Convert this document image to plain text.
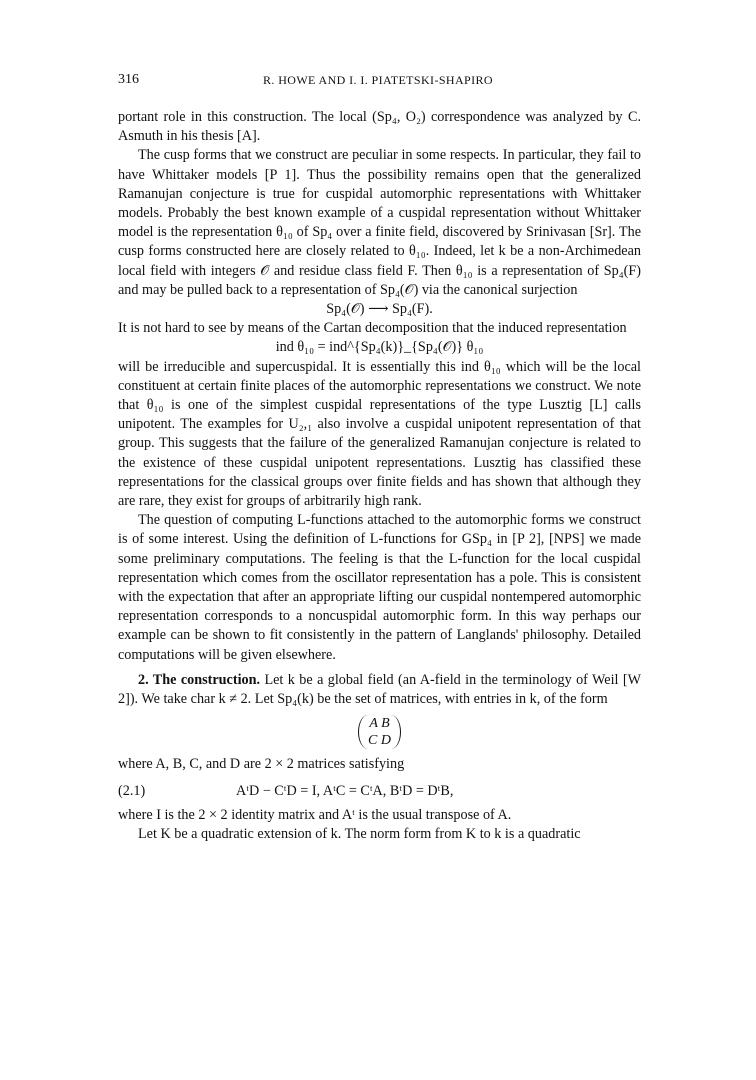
316	R. HOWE AND I. I. PIATETSKI-SHAPIRO

portant role in this construction. The local (Sp₄, O₂) correspondence was analyzed by C. Asmuth in his thesis [A].

The cusp forms that we construct are peculiar in some respects. In particular, they fail to have Whittaker models [P 1]. Thus the possibility remains open that the generalized Ramanujan conjecture is true for cuspidal automorphic representations with Whittaker models. Probably the best known example of a cuspidal representation without Whittaker model is the representation θ₁₀ of Sp₄ over a finite field, discovered by Srinivasan [Sr]. The cusp forms constructed here are closely related to θ₁₀. Indeed, let k be a non-Archimedean local field with integers 𝒪 and residue class field F. Then θ₁₀ is a representation of Sp₄(F) and may be pulled back to a representation of Sp₄(𝒪) via the canonical surjection

Sp₄(𝒪) ⟶ Sp₄(F).

It is not hard to see by means of the Cartan decomposition that the induced representation

ind θ₁₀ = ind^{Sp₄(k)}_{Sp₄(𝒪)} θ₁₀

will be irreducible and supercuspidal. It is essentially this ind θ₁₀ which will be the local constituent at certain finite places of the automorphic representations we construct. We note that θ₁₀ is one of the simplest cuspidal representations of the type Lusztig [L] calls unipotent. The examples for U₂,₁ also involve a cuspidal unipotent representation of that group. This suggests that the failure of the generalized Ramanujan conjecture is related to the existence of these cuspidal unipotent representations. Lusztig has classified these representations for the classical groups over finite fields and has shown that although they are rare, they exist for groups of arbitrarily high rank.

The question of computing L-functions attached to the automorphic forms we construct is of some interest. Using the definition of L-functions for GSp₄ in [P 2], [NPS] we made some preliminary computations. The feeling is that the L-function for the local cuspidal representation which comes from the oscillator representation has a pole. This is consistent with the expectation that after an appropriate lifting our cuspidal nontempered automorphic representation corresponds to a noncuspidal automorphic form. In this way perhaps our example can be shown to fit consistently in the pattern of Langlands' philosophy. Detailed computations will be given elsewhere.

2. The construction. Let k be a global field (an A-field in the terminology of Weil [W 2]). We take char k ≠ 2. Let Sp₄(k) be the set of matrices, with entries in k, of the form

A B
C D

where A, B, C, and D are 2 × 2 matrices satisfying

(2.1)	AᵗD − CᵗD = I, AᵗC = CᵗA, BᵗD = DᵗB,

where I is the 2 × 2 identity matrix and Aᵗ is the usual transpose of A.

Let K be a quadratic extension of k. The norm form from K to k is a quadratic
